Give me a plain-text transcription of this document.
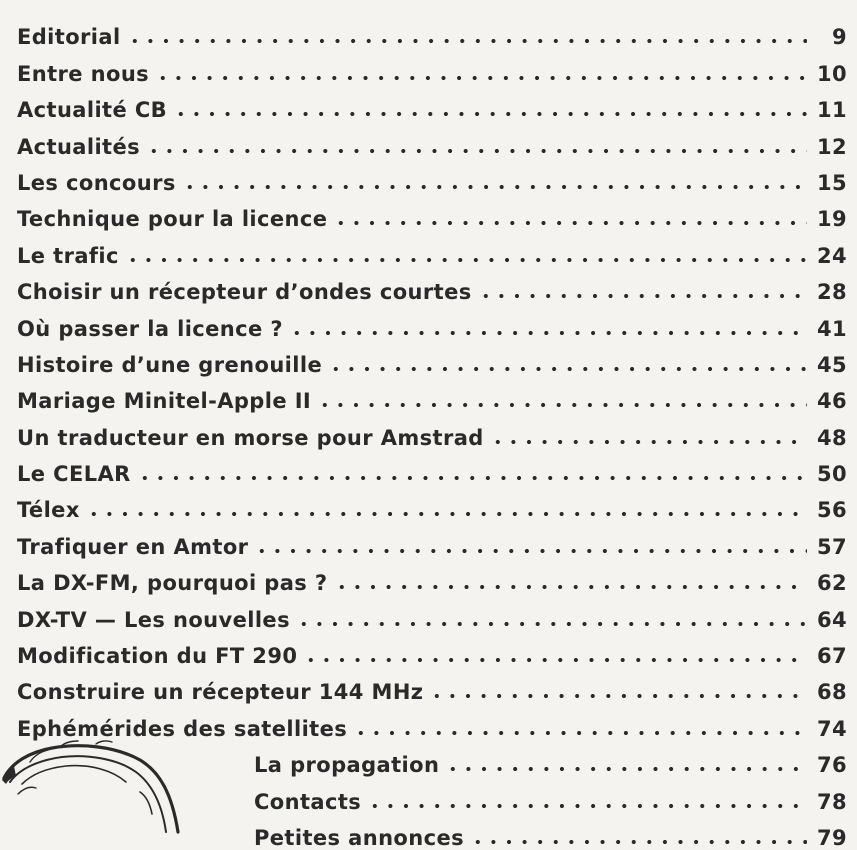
Editorial	9
Entre nous	10
Actualité CB	11
Actualités	12
Les concours	15
Technique pour la licence	19
Le trafic	24
Choisir un récepteur d’ondes courtes	28
Où passer la licence ?	41
Histoire d’une grenouille	45
Mariage Minitel-Apple II	46
Un traducteur en morse pour Amstrad	48
Le CELAR	50
Télex	56
Trafiquer en Amtor	57
La DX-FM, pourquoi pas ?	62
DX-TV — Les nouvelles	64
Modification du FT 290	67
Construire un récepteur 144 MHz	68
Ephémérides des satellites	74
La propagation	76
Contacts	78
Petites annonces	79
